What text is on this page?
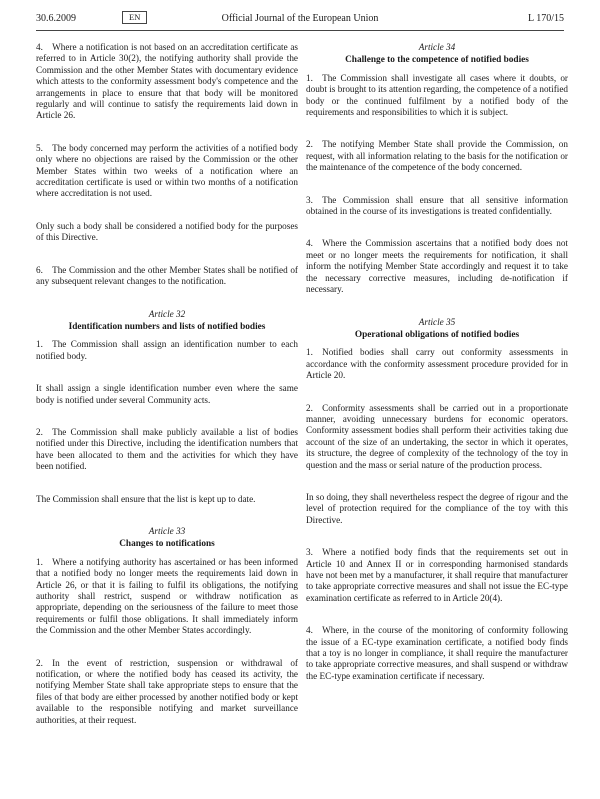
30.6.2009	EN	Official Journal of the European Union	L 170/15

4. Where a notification is not based on an accreditation certificate as referred to in Article 30(2), the notifying authority shall provide the Commission and the other Member States with documentary evidence which attests to the conformity assessment body's competence and the arrangements in place to ensure that that body will be monitored regularly and will continue to satisfy the requirements laid down in Article 26.

5. The body concerned may perform the activities of a notified body only where no objections are raised by the Commission or the other Member States within two weeks of a notification where an accreditation certificate is used or within two months of a notification where accreditation is not used.

Only such a body shall be considered a notified body for the purposes of this Directive.

6. The Commission and the other Member States shall be notified of any subsequent relevant changes to the notification.

Article 32

Identification numbers and lists of notified bodies

1. The Commission shall assign an identification number to each notified body.

It shall assign a single identification number even where the same body is notified under several Community acts.

2. The Commission shall make publicly available a list of bodies notified under this Directive, including the identification numbers that have been allocated to them and the activities for which they have been notified.

The Commission shall ensure that the list is kept up to date.

Article 33

Changes to notifications

1. Where a notifying authority has ascertained or has been informed that a notified body no longer meets the requirements laid down in Article 26, or that it is failing to fulfil its obligations, the notifying authority shall restrict, suspend or withdraw notification as appropriate, depending on the seriousness of the failure to meet those requirements or fulfil those obligations. It shall immediately inform the Commission and the other Member States accordingly.

2. In the event of restriction, suspension or withdrawal of notification, or where the notified body has ceased its activity, the notifying Member State shall take appropriate steps to ensure that the files of that body are either processed by another notified body or kept available to the responsible notifying and market surveillance authorities, at their request.

Article 34

Challenge to the competence of notified bodies

1. The Commission shall investigate all cases where it doubts, or doubt is brought to its attention regarding, the competence of a notified body or the continued fulfilment by a notified body of the requirements and responsibilities to which it is subject.

2. The notifying Member State shall provide the Commission, on request, with all information relating to the basis for the notification or the maintenance of the competence of the body concerned.

3. The Commission shall ensure that all sensitive information obtained in the course of its investigations is treated confidentially.

4. Where the Commission ascertains that a notified body does not meet or no longer meets the requirements for notification, it shall inform the notifying Member State accordingly and request it to take the necessary corrective measures, including de-notification if necessary.

Article 35

Operational obligations of notified bodies

1. Notified bodies shall carry out conformity assessments in accordance with the conformity assessment procedure provided for in Article 20.

2. Conformity assessments shall be carried out in a proportionate manner, avoiding unnecessary burdens for economic operators. Conformity assessment bodies shall perform their activities taking due account of the size of an undertaking, the sector in which it operates, its structure, the degree of complexity of the technology of the toy in question and the mass or serial nature of the production process.

In so doing, they shall nevertheless respect the degree of rigour and the level of protection required for the compliance of the toy with this Directive.

3. Where a notified body finds that the requirements set out in Article 10 and Annex II or in corresponding harmonised standards have not been met by a manufacturer, it shall require that manufacturer to take appropriate corrective measures and shall not issue the EC-type examination certificate as referred to in Article 20(4).

4. Where, in the course of the monitoring of conformity following the issue of a EC-type examination certificate, a notified body finds that a toy is no longer in compliance, it shall require the manufacturer to take appropriate corrective measures, and shall suspend or withdraw the EC-type examination certificate if necessary.
